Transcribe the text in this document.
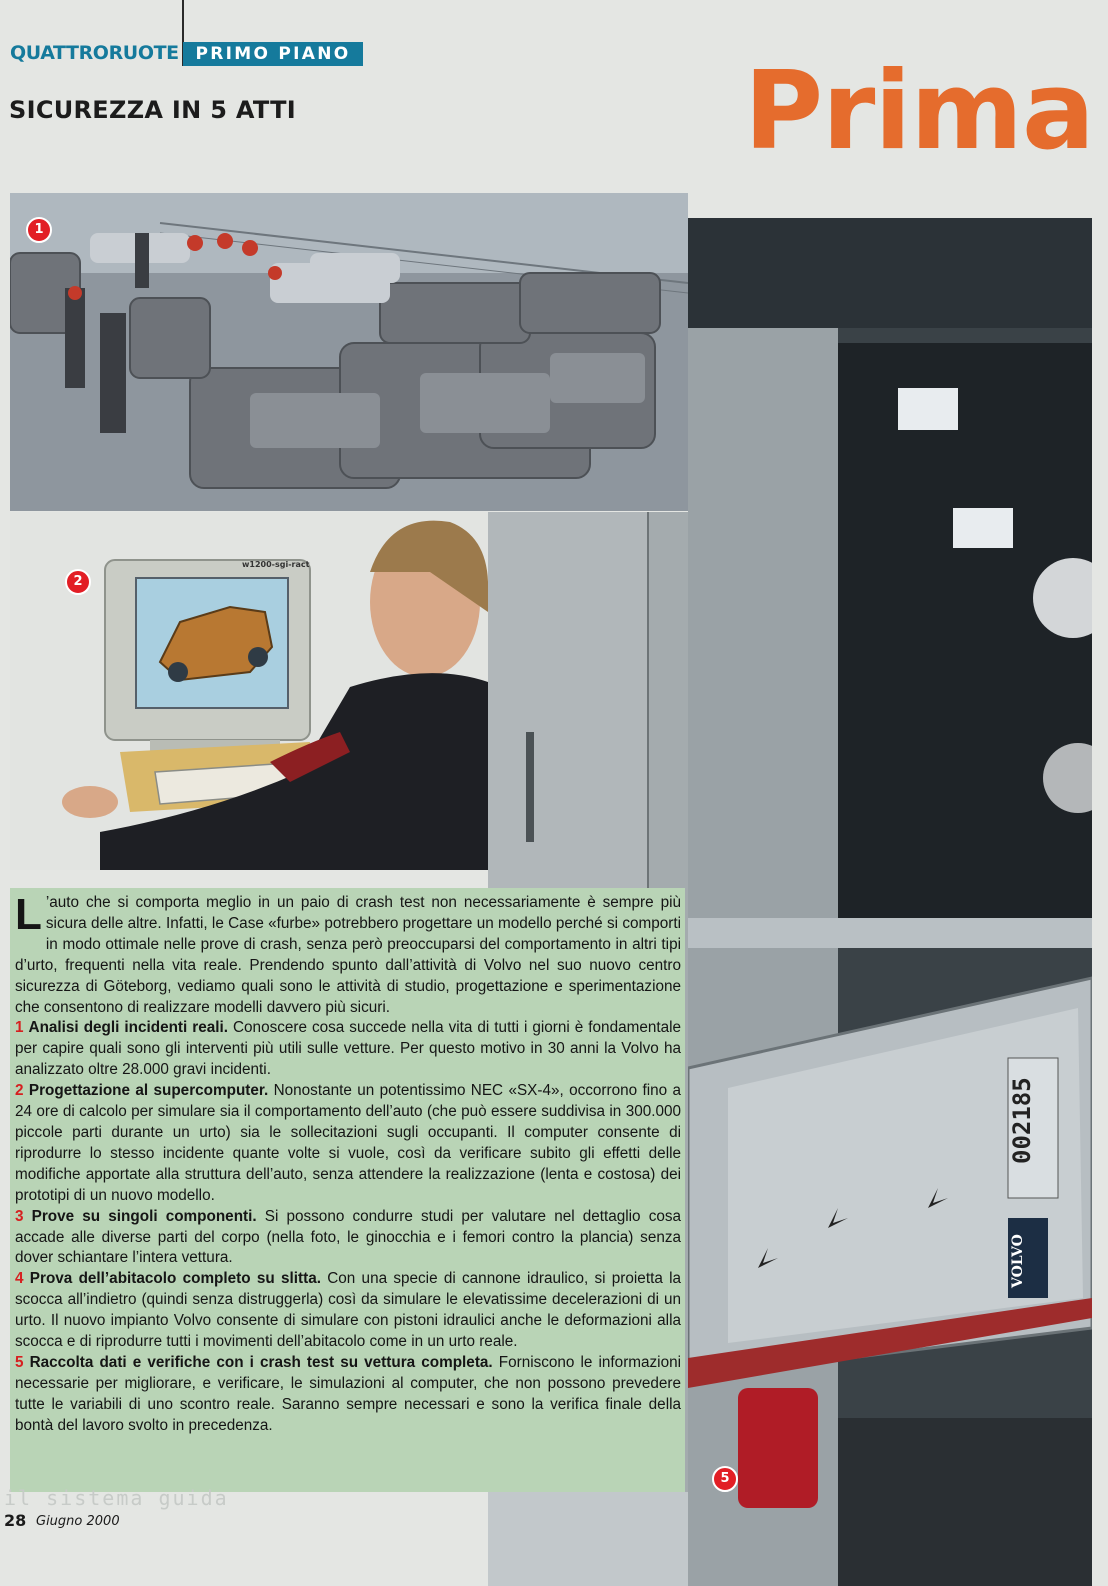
QUATTRORUOTE PRIMO PIANO
SICUREZZA IN 5 ATTI	Prima
1
w1200-sgi-ract
2
VOLVO
5

L ’auto che si comporta meglio in un paio di crash test non necessariamente è sempre più sicura delle altre. Infatti, le Case «furbe» potrebbero progettare un modello perché si comporti in modo ottimale nelle prove di crash, senza però preoccuparsi del comportamento in altri tipi d’urto, frequenti nella vita reale. Prendendo spunto dall’attività di Volvo nel suo nuovo centro sicurezza di Göteborg, vediamo quali sono le attività di studio, progettazione e sperimentazione che consentono di realizzare modelli davvero più sicuri.

1 Analisi degli incidenti reali. Conoscere cosa succede nella vita di tutti i giorni è fondamentale per capire quali sono gli interventi più utili sulle vetture. Per questo motivo in 30 anni la Volvo ha analizzato oltre 28.000 gravi incidenti.

2 Progettazione al supercomputer. Nonostante un potentissimo NEC «SX-4», occorrono fino a 24 ore di calcolo per simulare sia il comportamento dell’auto (che può essere suddivisa in 300.000 piccole parti durante un urto) sia le sollecitazioni sugli occupanti. Il computer consente di riprodurre lo stesso incidente quante volte si vuole, così da verificare subito gli effetti delle modifiche apportate alla struttura dell’auto, senza attendere la realizzazione (lenta e costosa) dei prototipi di un nuovo modello.

3 Prove su singoli componenti. Si possono condurre studi per valutare nel dettaglio cosa accade alle diverse parti del corpo (nella foto, le ginocchia e i femori contro la plancia) senza dover schiantare l’intera vettura.

4 Prova dell’abitacolo completo su slitta. Con una specie di cannone idraulico, si proietta la scocca all’indietro (quindi senza distruggerla) così da simulare le elevatissime decelerazioni di un urto. Il nuovo impianto Volvo consente di simulare con pistoni idraulici anche le deformazioni alla scocca e di riprodurre tutti i movimenti dell’abitacolo come in un urto reale.

5 Raccolta dati e verifiche con i crash test su vettura completa. Forniscono le informazioni necessarie per migliorare, e verificare, le simulazioni al computer, che non possono prevedere tutte le variabili di uno scontro reale. Saranno sempre necessari e sono la verifica finale della bontà del lavoro svolto in precedenza.

il sistema guida
28 Giugno 2000
